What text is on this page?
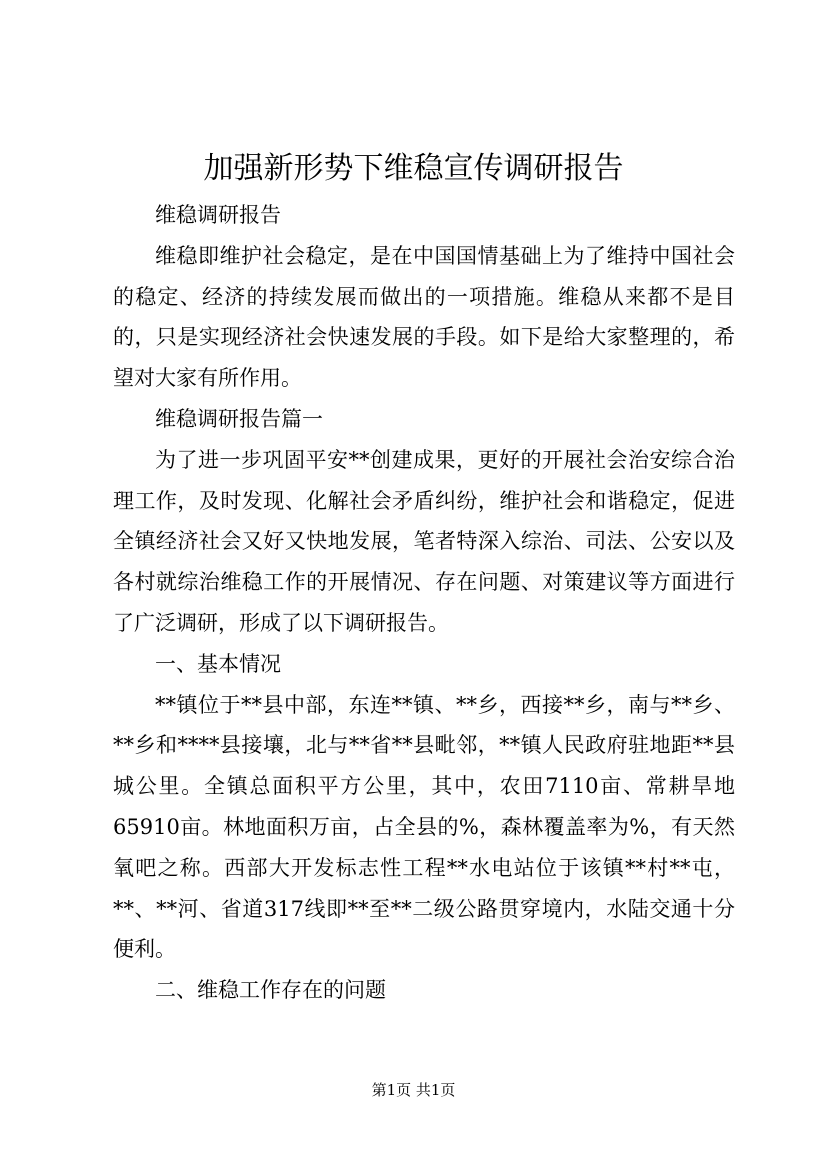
加强新形势下维稳宣传调研报告

维稳调研报告

维稳即维护社会稳定，是在中国国情基础上为了维持中国社会的稳定、经济的持续发展而做出的一项措施。维稳从来都不是目的，只是实现经济社会快速发展的手段。如下是给大家整理的，希望对大家有所作用。

维稳调研报告篇一

为了进一步巩固平安**创建成果，更好的开展社会治安综合治理工作，及时发现、化解社会矛盾纠纷，维护社会和谐稳定，促进全镇经济社会又好又快地发展，笔者特深入综治、司法、公安以及各村就综治维稳工作的开展情况、存在问题、对策建议等方面进行了广泛调研，形成了以下调研报告。

一、基本情况

**镇位于**县中部，东连**镇、**乡，西接**乡，南与**乡、**乡和****县接壤，北与**省**县毗邻，**镇人民政府驻地距**县城公里。全镇总面积平方公里，其中，农田7110亩、常耕旱地65910亩。林地面积万亩，占全县的%，森林覆盖率为%，有天然氧吧之称。西部大开发标志性工程**水电站位于该镇**村**屯，**、**河、省道317线即**至**二级公路贯穿境内，水陆交通十分便利。

二、维稳工作存在的问题

第1页 共1页
